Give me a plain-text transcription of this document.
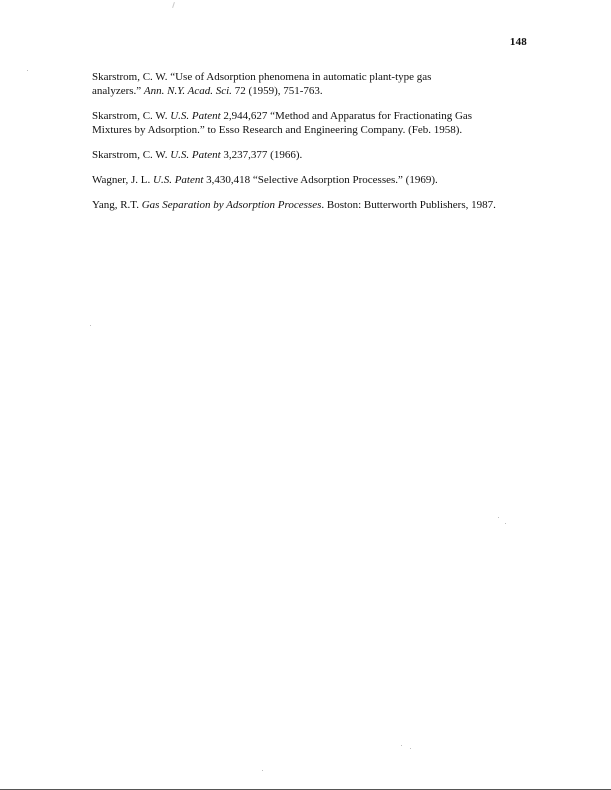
148

Skarstrom, C. W. “Use of Adsorption phenomena in automatic plant-type gas
analyzers.” Ann. N.Y. Acad. Sci. 72 (1959), 751-763.

Skarstrom, C. W. U.S. Patent 2,944,627 “Method and Apparatus for Fractionating Gas
Mixtures by Adsorption.” to Esso Research and Engineering Company. (Feb. 1958).

Skarstrom, C. W. U.S. Patent 3,237,377 (1966).

Wagner, J. L. U.S. Patent 3,430,418 “Selective Adsorption Processes.” (1969).

Yang, R.T. Gas Separation by Adsorption Processes. Boston: Butterworth Publishers, 1987.
